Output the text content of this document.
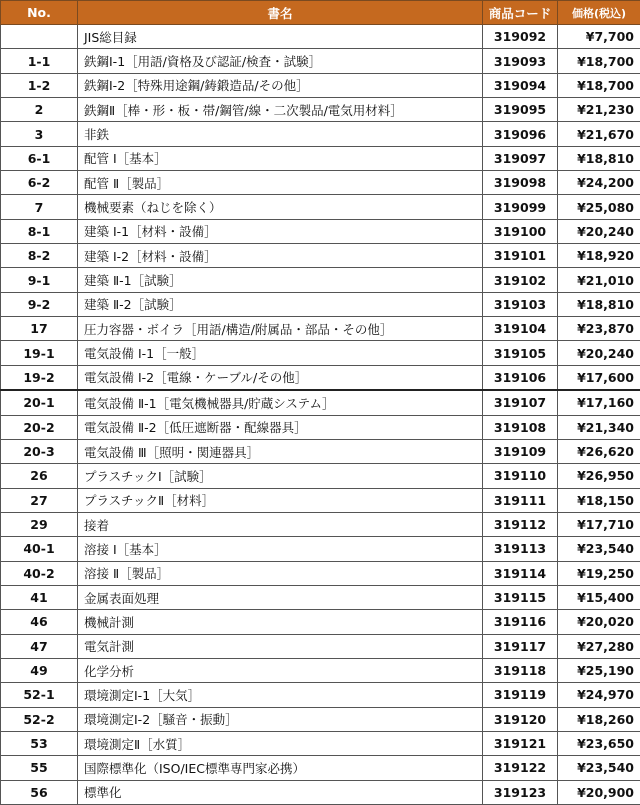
No.	書名	商品コード	価格(税込)
	JIS総目録	319092	¥7,700
1-1	鉄鋼Ⅰ-1［用語/資格及び認証/検査・試験］	319093	¥18,700
1-2	鉄鋼Ⅰ-2［特殊用途鋼/鋳鍛造品/その他］	319094	¥18,700
2	鉄鋼Ⅱ［棒・形・板・帯/鋼管/線・二次製品/電気用材料］	319095	¥21,230
3	非鉄	319096	¥21,670
6-1	配管 Ⅰ［基本］	319097	¥18,810
6-2	配管 Ⅱ［製品］	319098	¥24,200
7	機械要素（ねじを除く）	319099	¥25,080
8-1	建築 Ⅰ-1［材料・設備］	319100	¥20,240
8-2	建築 Ⅰ-2［材料・設備］	319101	¥18,920
9-1	建築 Ⅱ-1［試験］	319102	¥21,010
9-2	建築 Ⅱ-2［試験］	319103	¥18,810
17	圧力容器・ボイラ［用語/構造/附属品・部品・その他］	319104	¥23,870
19-1	電気設備 Ⅰ-1［一般］	319105	¥20,240
19-2	電気設備 Ⅰ-2［電線・ケーブル/その他］	319106	¥17,600
20-1	電気設備 Ⅱ-1［電気機械器具/貯蔵システム］	319107	¥17,160
20-2	電気設備 Ⅱ-2［低圧遮断器・配線器具］	319108	¥21,340
20-3	電気設備 Ⅲ［照明・関連器具］	319109	¥26,620
26	プラスチックⅠ［試験］	319110	¥26,950
27	プラスチックⅡ［材料］	319111	¥18,150
29	接着	319112	¥17,710
40-1	溶接 Ⅰ［基本］	319113	¥23,540
40-2	溶接 Ⅱ［製品］	319114	¥19,250
41	金属表面処理	319115	¥15,400
46	機械計測	319116	¥20,020
47	電気計測	319117	¥27,280
49	化学分析	319118	¥25,190
52-1	環境測定Ⅰ-1［大気］	319119	¥24,970
52-2	環境測定Ⅰ-2［騒音・振動］	319120	¥18,260
53	環境測定Ⅱ［水質］	319121	¥23,650
55	国際標準化（ISO/IEC標準専門家必携）	319122	¥23,540
56	標準化	319123	¥20,900
